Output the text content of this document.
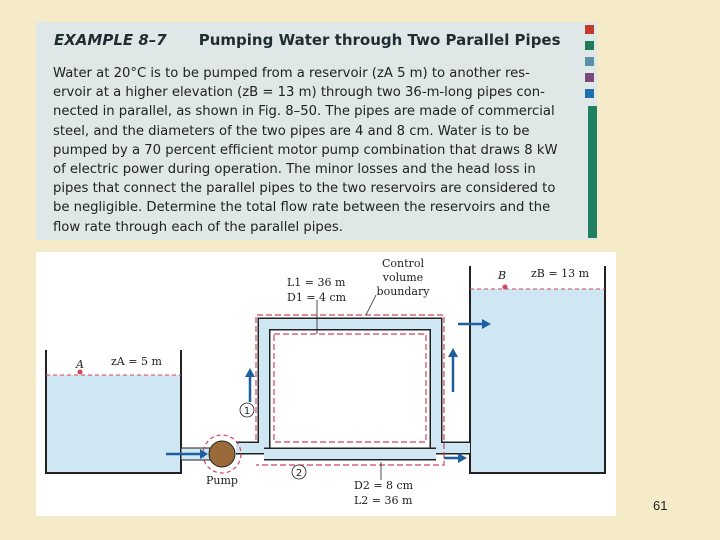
EXAMPLE 8–7 Pumping Water through Two Parallel Pipes
Water at 20°C is to be pumped from a reservoir (zA 5 m) to another res-
ervoir at a higher elevation (zB = 13 m) through two 36-m-long pipes con-
nected in parallel, as shown in Fig. 8–50. The pipes are made of commercial
steel, and the diameters of the two pipes are 4 and 8 cm. Water is to be
pumped by a 70 percent efficient motor pump combination that draws 8 kW
of electric power during operation. The minor losses and the head loss in
pipes that connect the parallel pipes to the two reservoirs are considered to
be negligible. Determine the total flow rate between the reservoirs and the
flow rate through each of the parallel pipes.
A zA = 5 m
B zB = 13 m
L1 = 36 m
D1 = 4 cm
Control
volume
boundary
D2 = 8 cm
L2 = 36 m
Pump
1
2
61
